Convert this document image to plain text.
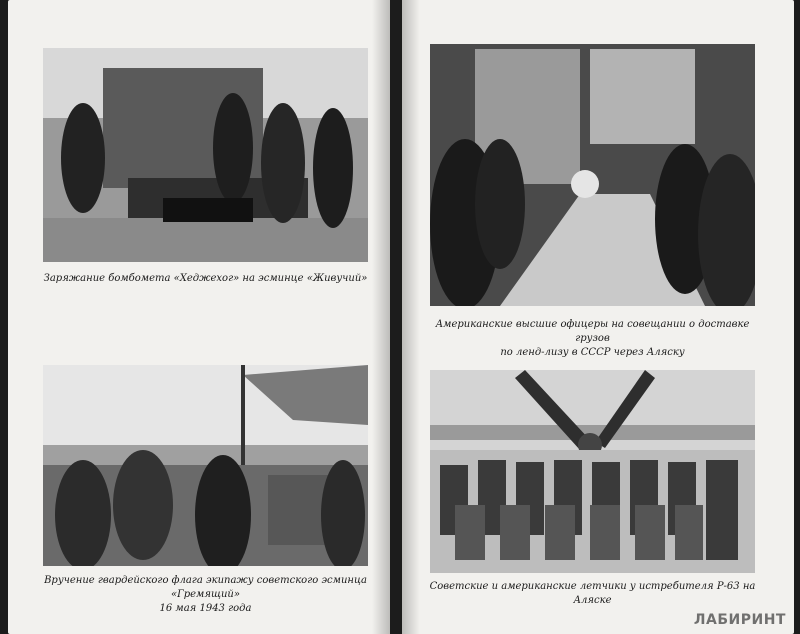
Заряжание бомбомета «Хеджехог» на эсминце «Живучий»
Вручение гвардейского флага экипажу советского эсминца «Гремящий»
16 мая 1943 года
Американские высшие офицеры на совещании о доставке грузов
по ленд-лизу в СССР через Аляску
Советские и американские летчики у истребителя Р-63 на Аляске
ЛАБИРИНТ
